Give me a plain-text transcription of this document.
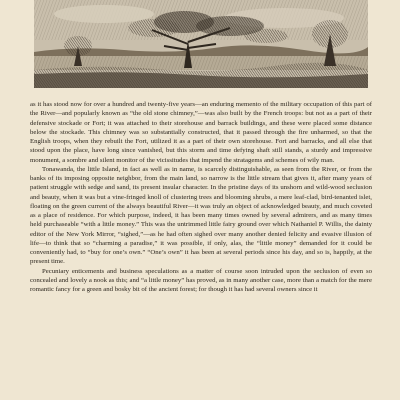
as it has stood now for over a hundred and twenty-five years—an enduring memento of the military occupation of this part of the River—and popularly known as “the old stone chimney,”—was also built by the French troops: but not as a part of their defensive stockade or Fort; it was attached to their storehouse and barrack buildings, and these were placed some distance below the stockade. This chimney was so substantially constructed, that it passed through the fire unharmed, so that the English troops, when they rebuilt the Fort, utilized it as a part of their own storehouse. Fort and barracks, and all else that stood upon the place, have long since vanished, but this storm and time defying shaft still stands, a sturdy and impressive monument, a sombre and silent monitor of the vicissitudes that impend the stratagems and schemes of wily man.

Tonawanda, the little Island, in fact as well as in name, is scarcely distinguishable, as seen from the River, or from the banks of its imposing opposite neighbor, from the main land, so narrow is the little stream that gives it, after many years of patient struggle with sedge and sand, its present insular character. In the pristine days of its unshorn and wild-wood seclusion and beauty, when it was but a vine-fringed knoll of clustering trees and blooming shrubs, a mere leaf-clad, bird-tenanted islet, floating on the green current of the always beautiful River—it was truly an object of acknowledged beauty, and much coveted as a place of residence. For which purpose, indeed, it has been many times owned by several admirers, and as many times held purchaseable “with a little money.” This was the untrimmed little fairy ground over which Nathaniel P. Willis, the dainty editor of the New York Mirror, “sighed,”—as he had often sighed over many another denied felicity and evasive illusion of life—to think that so “charming a paradise,” it was possible, if only, alas, the “little money” demanded for it could be conveniently had, to “buy for one’s own.” “One’s own” it has been at several periods since his day, and so is, happily, at the present time.

Pecuniary enticements and business speculations as a matter of course soon intruded upon the seclusion of even so concealed and lovely a nook as this; and “a little money” has proved, as in many another case, more than a match for the mere romantic fancy for a green and bosky bit of the ancient forest; for though it has had several owners since it
